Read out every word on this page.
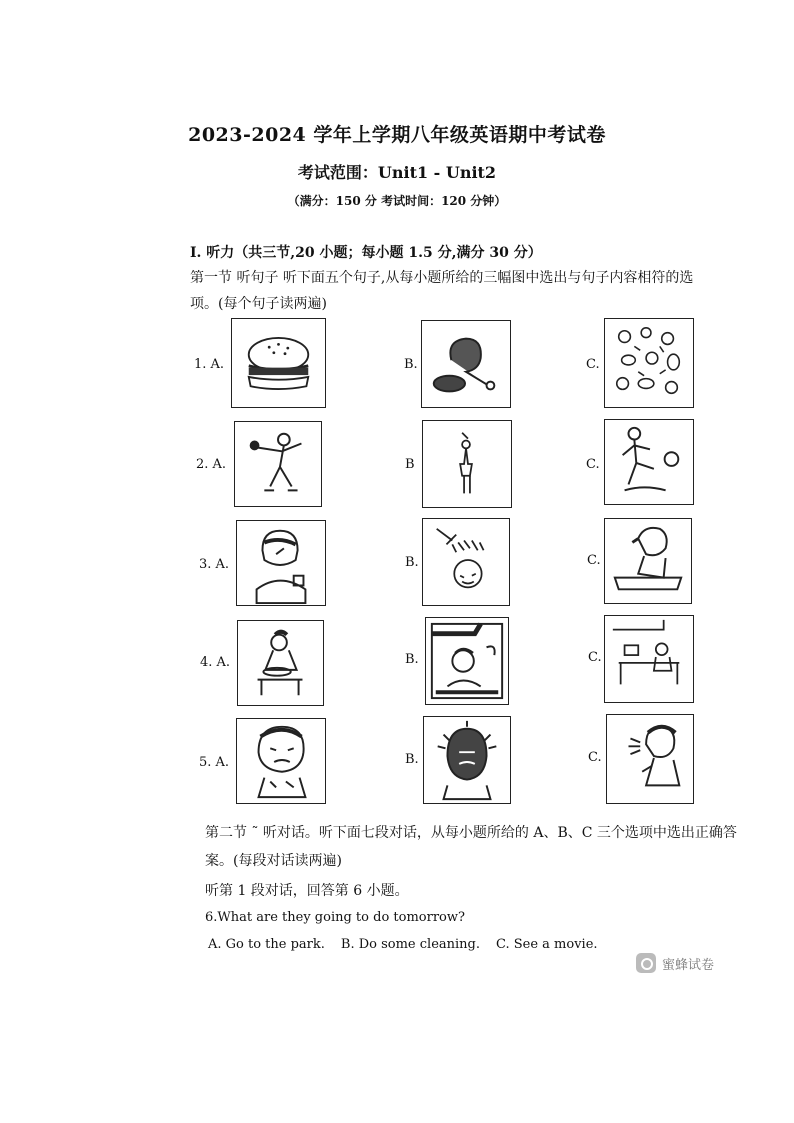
2023-2024 学年上学期八年级英语期中考试卷
考试范围：Unit1 - Unit2
（满分：150 分 考试时间：120 分钟）
Ⅰ. 听力（共三节,20 小题；每小题 1.5 分,满分 30 分）
第一节 听句子 听下面五个句子,从每小题所给的三幅图中选出与句子内容相符的选
项。(每个句子读两遍)
1. A.	B.	C.
2. A.	B	C.
3. A.	B.	C.
4. A.	B.	C.
5. A.	B.	C.
第二节 ˜ 听对话。听下面七段对话，从每小题所给的 A、B、C 三个选项中选出正确答
案。(每段对话读两遍)
听第 1 段对话，回答第 6 小题。
6.What are they going to do tomorrow?
A. Go to the park. B. Do some cleaning. C. See a movie.
蜜蜂试卷
